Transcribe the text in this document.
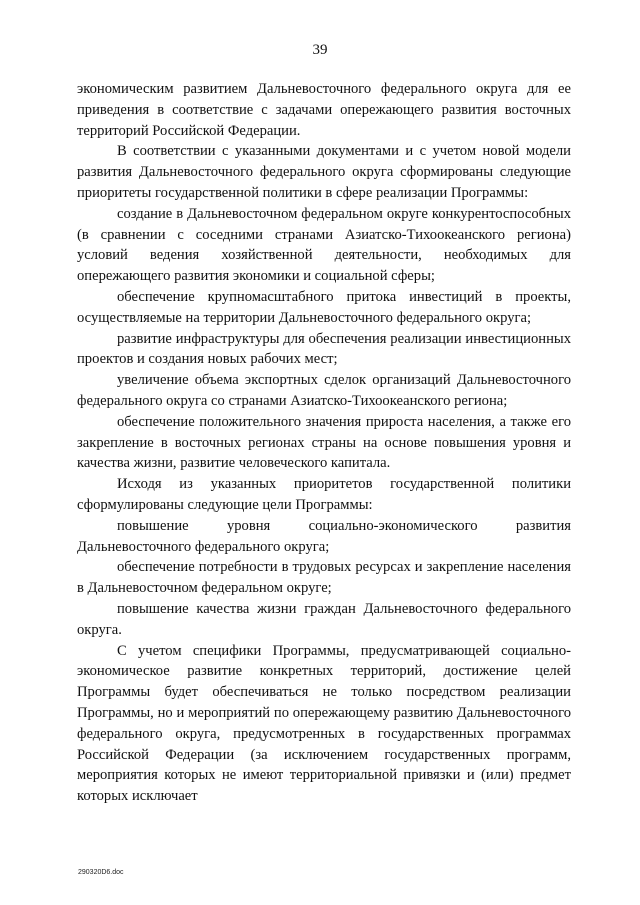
39

экономическим развитием Дальневосточного федерального округа для ее приведения в соответствие с задачами опережающего развития восточных территорий Российской Федерации.

В соответствии с указанными документами и с учетом новой модели развития Дальневосточного федерального округа сформированы следующие приоритеты государственной политики в сфере реализации Программы:

создание в Дальневосточном федеральном округе конкурентоспособных (в сравнении с соседними странами Азиатско-Тихоокеанского региона) условий ведения хозяйственной деятельности, необходимых для опережающего развития экономики и социальной сферы;

обеспечение крупномасштабного притока инвестиций в проекты, осуществляемые на территории Дальневосточного федерального округа;

развитие инфраструктуры для обеспечения реализации инвестиционных проектов и создания новых рабочих мест;

увеличение объема экспортных сделок организаций Дальневосточного федерального округа со странами Азиатско-Тихоокеанского региона;

обеспечение положительного значения прироста населения, а также его закрепление в восточных регионах страны на основе повышения уровня и качества жизни, развитие человеческого капитала.

Исходя из указанных приоритетов государственной политики сформулированы следующие цели Программы:

повышение уровня социально-экономического развития Дальневосточного федерального округа;

обеспечение потребности в трудовых ресурсах и закрепление населения в Дальневосточном федеральном округе;

повышение качества жизни граждан Дальневосточного федерального округа.

С учетом специфики Программы, предусматривающей социально-экономическое развитие конкретных территорий, достижение целей Программы будет обеспечиваться не только посредством реализации Программы, но и мероприятий по опережающему развитию Дальневосточного федерального округа, предусмотренных в государственных программах Российской Федерации (за исключением государственных программ, мероприятия которых не имеют территориальной привязки и (или) предмет которых исключает

290320D6.doc
